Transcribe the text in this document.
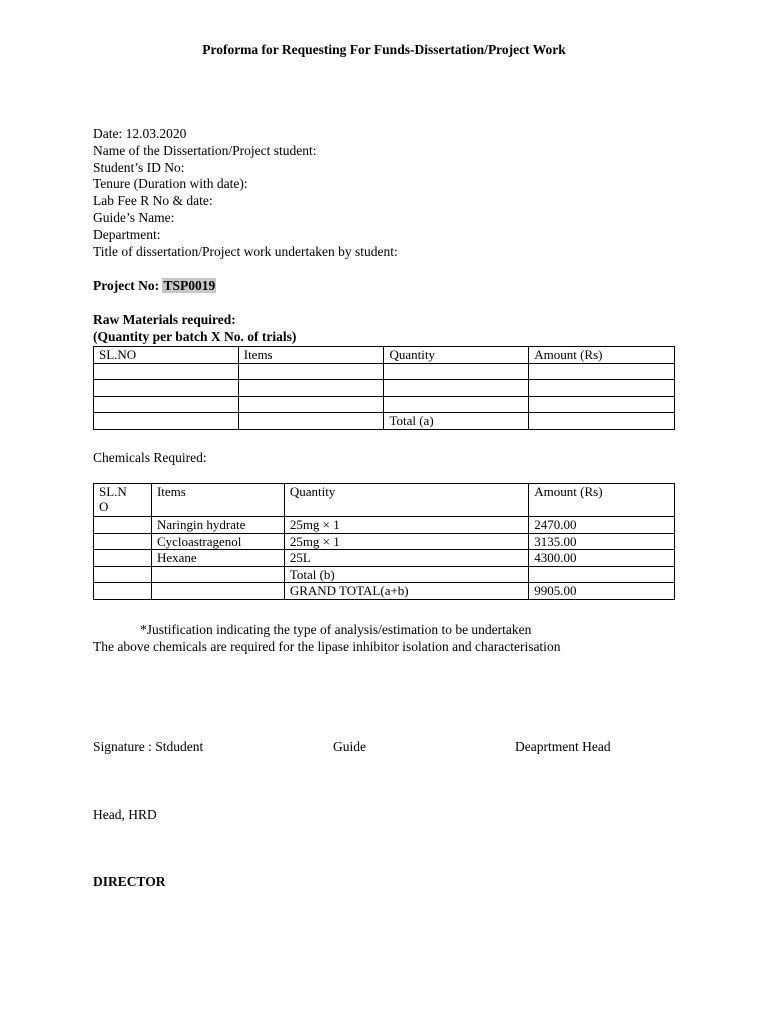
Proforma for Requesting For Funds-Dissertation/Project Work
Date: 12.03.2020
Name of the Dissertation/Project student:
Student’s ID No:
Tenure (Duration with date):
Lab Fee R No & date:
Guide’s Name:
Department:
Title of dissertation/Project work undertaken by student:
Project No: TSP0019
Raw Materials required:
(Quantity per batch X No. of trials)
SL.NO	Items	Quantity	Amount (Rs)

		Total (a)	
Chemicals Required:
SL.N
O	Items	Quantity	Amount (Rs)
	Naringin hydrate	25mg × 1	2470.00
	Cycloastragenol	25mg × 1	3135.00
	Hexane	25L	4300.00
		Total (b)	
		GRAND TOTAL(a+b)	9905.00
*Justification indicating the type of analysis/estimation to be undertaken
The above chemicals are required for the lipase inhibitor isolation and characterisation
Signature : Stdudent	Guide	Deaprtment Head
Head, HRD
DIRECTOR
